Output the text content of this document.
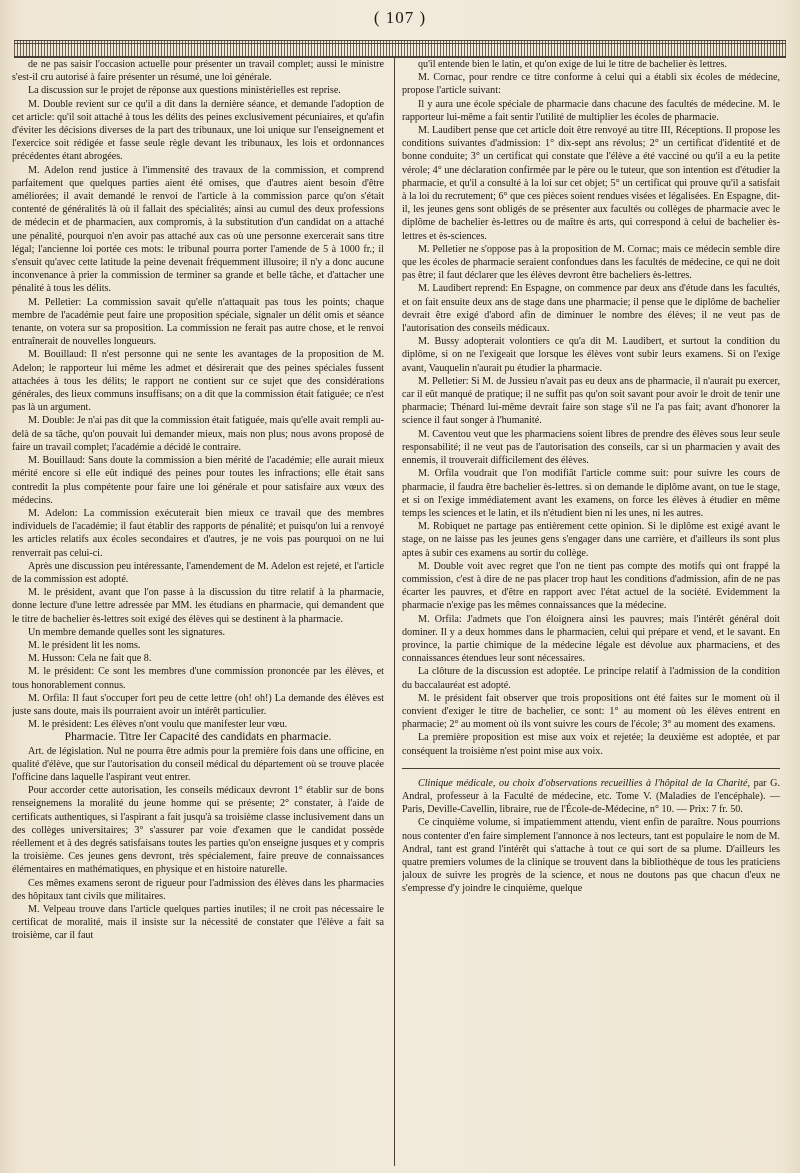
( 107 )

de ne pas saisir l'occasion actuelle pour présenter un travail complet; aussi le ministre s'est-il cru autorisé à faire présenter un résumé, une loi générale.

La discussion sur le projet de réponse aux questions ministérielles est reprise.

M. Double revient sur ce qu'il a dit dans la dernière séance, et demande l'adoption de cet article: qu'il soit attaché à tous les délits des peines exclusivement pécuniaires, et qu'afin d'éviter les décisions diverses de la part des tribunaux, une loi unique sur l'enseignement et l'exercice soit rédigée et fasse seule règle devant les tribunaux, les lois et ordonnances précédentes étant abrogées.

M. Adelon rend justice à l'immensité des travaux de la commission, et comprend parfaitement que quelques parties aient été omises, que d'autres aient besoin d'être améliorées; il avait demandé le renvoi de l'article à la commission parce qu'on s'était contenté de généralités là où il fallait des spécialités; ainsi au cumul des deux professions de médecin et de pharmacien, aux compromis, à la substitution d'un candidat on a attaché une pénalité, pourquoi n'en avoir pas attaché aux cas où une personne exercerait sans titre légal; l'ancienne loi portée ces mots: le tribunal pourra porter l'amende de 5 à 1000 fr.; il s'ensuit qu'avec cette latitude la peine devenait fréquemment illusoire; il n'y a donc aucune inconvenance à prier la commission de terminer sa grande et belle tâche, et d'attacher une pénalité à tous les délits.

M. Pelletier: La commission savait qu'elle n'attaquait pas tous les points; chaque membre de l'académie peut faire une proposition spéciale, signaler un délit omis et séance tenante, on votera sur sa proposition. La commission ne ferait pas autre chose, et le renvoi entraînerait de nouvelles longueurs.

M. Bouillaud: Il n'est personne qui ne sente les avantages de la proposition de M. Adelon; le rapporteur lui même les admet et désirerait que des peines spéciales fussent attachées à tous les délits; le rapport ne contient sur ce sujet que des considérations générales, des lieux communs insuffisans; on a dit que la commission était fatiguée; ce n'est pas là un argument.

M. Double: Je n'ai pas dit que la commission était fatiguée, mais qu'elle avait rempli au-delà de sa tâche, qu'on pouvait lui demander mieux, mais non plus; nous avons proposé de faire un travail complet; l'académie a décidé le contraire.

M. Bouillaud: Sans doute la commission a bien mérité de l'académie; elle aurait mieux mérité encore si elle eût indiqué des peines pour toutes les infractions; elle était sans contredit la plus compétente pour faire une loi générale et pour satisfaire aux vœux des médecins.

M. Adelon: La commission exécuterait bien mieux ce travail que des membres individuels de l'académie; il faut établir des rapports de pénalité; et puisqu'on lui a renvoyé les articles relatifs aux écoles secondaires et d'autres, je ne vois pas pourquoi on ne lui renverrait pas celui-ci.

Après une discussion peu intéressante, l'amendement de M. Adelon est rejeté, et l'article de la commission est adopté.

M. le président, avant que l'on passe à la discussion du titre relatif à la pharmacie, donne lecture d'une lettre adressée par MM. les étudians en pharmacie, qui demandent que le titre de bachelier ès-lettres soit exigé des élèves qui se destinent à la pharmacie.

Un membre demande quelles sont les signatures.

M. le président lit les noms.

M. Husson: Cela ne fait que 8.

M. le président: Ce sont les membres d'une commission prononcée par les élèves, et tous honorablement connus.

M. Orfila: Il faut s'occuper fort peu de cette lettre (oh! oh!) La demande des élèves est juste sans doute, mais ils pourraient avoir un intérêt particulier.

M. le président: Les élèves n'ont voulu que manifester leur vœu.

Pharmacie. Titre Ier Capacité des candidats en pharmacie.

Art. de législation. Nul ne pourra être admis pour la première fois dans une officine, en qualité d'élève, que sur l'autorisation du conseil médical du département où se trouve placée l'officine dans laquelle l'aspirant veut entrer.

Pour accorder cette autorisation, les conseils médicaux devront 1° établir sur de bons renseignemens la moralité du jeune homme qui se présente; 2° constater, à l'aide de certificats authentiques, si l'aspirant a fait jusqu'à sa troisième classe inclusivement dans un des collèges universitaires; 3° s'assurer par voie d'examen que le candidat possède réellement et à des degrés satisfaisans toutes les parties qu'on enseigne jusques et y compris la troisième. Ces jeunes gens devront, très spécialement, faire preuve de connaissances élémentaires en mathématiques, en physique et en histoire naturelle.

Ces mêmes examens seront de rigueur pour l'admission des élèves dans les pharmacies des hôpitaux tant civils que militaires.

M. Velpeau trouve dans l'article quelques parties inutiles; il ne croit pas nécessaire le certificat de moralité, mais il insiste sur la nécessité de constater que l'élève a fait sa troisième, car il faut

qu'il entende bien le latin, et qu'on exige de lui le titre de bachelier ès lettres.

M. Cornac, pour rendre ce titre conforme à celui qui a établi six écoles de médecine, propose l'article suivant:

Il y aura une école spéciale de pharmacie dans chacune des facultés de médecine. M. le rapporteur lui-même a fait sentir l'utilité de multiplier les écoles de pharmacie.

M. Laudibert pense que cet article doit être renvoyé au titre III, Réceptions. Il propose les conditions suivantes d'admission: 1° dix-sept ans révolus; 2° un certificat d'identité et de bonne conduite; 3° un certificat qui constate que l'élève a été vacciné ou qu'il a eu la petite vérole; 4° une déclaration confirmée par le père ou le tuteur, que son intention est d'étudier la pharmacie, et qu'il a consulté à la loi sur cet objet; 5° un certificat qui prouve qu'il a satisfait à la loi du recrutement; 6° que ces pièces soient rendues visées et légalisées. En Espagne, dit-il, les jeunes gens sont obligés de se présenter aux facultés ou collèges de pharmacie avec le diplôme de bachelier ès-lettres ou de maître ès arts, qui correspond à celui de bachelier ès-lettres et ès-sciences.

M. Pelletier ne s'oppose pas à la proposition de M. Cornac; mais ce médecin semble dire que les écoles de pharmacie seraient confondues dans les facultés de médecine, ce qui ne doit pas être; il faut déclarer que les élèves devront être bacheliers ès-lettres.

M. Laudibert reprend: En Espagne, on commence par deux ans d'étude dans les facultés, et on fait ensuite deux ans de stage dans une pharmacie; il pense que le diplôme de bachelier devrait être exigé d'abord afin de diminuer le nombre des élèves; il ne veut pas de l'autorisation des conseils médicaux.

M. Bussy adopterait volontiers ce qu'a dit M. Laudibert, et surtout la condition du diplôme, si on ne l'exigeait que lorsque les élèves vont subir leurs examens. Si on l'exige avant, Vauquelin n'aurait pu étudier la pharmacie.

M. Pelletier: Si M. de Jussieu n'avait pas eu deux ans de pharmacie, il n'aurait pu exercer, car il eût manqué de pratique; il ne suffit pas qu'on soit savant pour avoir le droit de tenir une pharmacie; Thénard lui-même devrait faire son stage s'il ne l'a pas fait; avant d'honorer la science il faut songer à l'humanité.

M. Caventou veut que les pharmaciens soient libres de prendre des élèves sous leur seule responsabilité; il ne veut pas de l'autorisation des conseils, car si un pharmacien y avait des ennemis, il trouverait difficilement des élèves.

M. Orfila voudrait que l'on modifiât l'article comme suit: pour suivre les cours de pharmacie, il faudra être bachelier ès-lettres. si on demande le diplôme avant, on tue le stage, et si on l'exige immédiatement avant les examens, on force les élèves à étudier en même temps les sciences et le latin, et ils n'étudient bien ni les unes, ni les autres.

M. Robiquet ne partage pas entièrement cette opinion. Si le diplôme est exigé avant le stage, on ne laisse pas les jeunes gens s'engager dans une carrière, et d'ailleurs ils sont plus aptes à subir ces examens au sortir du collège.

M. Double voit avec regret que l'on ne tient pas compte des motifs qui ont frappé la commission, c'est à dire de ne pas placer trop haut les conditions d'admission, afin de ne pas écarter les pauvres, et d'être en rapport avec l'état actuel de la société. Evidemment la pharmacie n'exige pas les mêmes connaissances que la médecine.

M. Orfila: J'admets que l'on éloignera ainsi les pauvres; mais l'intérêt général doit dominer. Il y a deux hommes dans le pharmacien, celui qui prépare et vend, et le savant. En province, la partie chimique de la médecine légale est dévolue aux pharmaciens, et des connaissances étendues leur sont nécessaires.

La clôture de la discussion est adoptée. Le principe relatif à l'admission de la condition du baccalauréat est adopté.

M. le président fait observer que trois propositions ont été faites sur le moment où il convient d'exiger le titre de bachelier, ce sont: 1° au moment où les élèves entrent en pharmacie; 2° au moment où ils vont suivre les cours de l'école; 3° au moment des examens.

La première proposition est mise aux voix et rejetée; la deuxième est adoptée, et par conséquent la troisième n'est point mise aux voix.

Clinique médicale, ou choix d'observations recueillies à l'hôpital de la Charité, par G. Andral, professeur à la Faculté de médecine, etc. Tome V. (Maladies de l'encéphale). — Paris, Deville-Cavellin, libraire, rue de l'École-de-Médecine, n° 10. — Prix: 7 fr. 50.

Ce cinquième volume, si impatiemment attendu, vient enfin de paraître. Nous pourrions nous contenter d'en faire simplement l'annonce à nos lecteurs, tant est populaire le nom de M. Andral, tant est grand l'intérêt qui s'attache à tout ce qui sort de sa plume. D'ailleurs les quatre premiers volumes de la clinique se trouvent dans la bibliothèque de tous les praticiens jaloux de suivre les progrès de la science, et nous ne doutons pas que chacun d'eux ne s'empresse d'y joindre le cinquième, quelque
